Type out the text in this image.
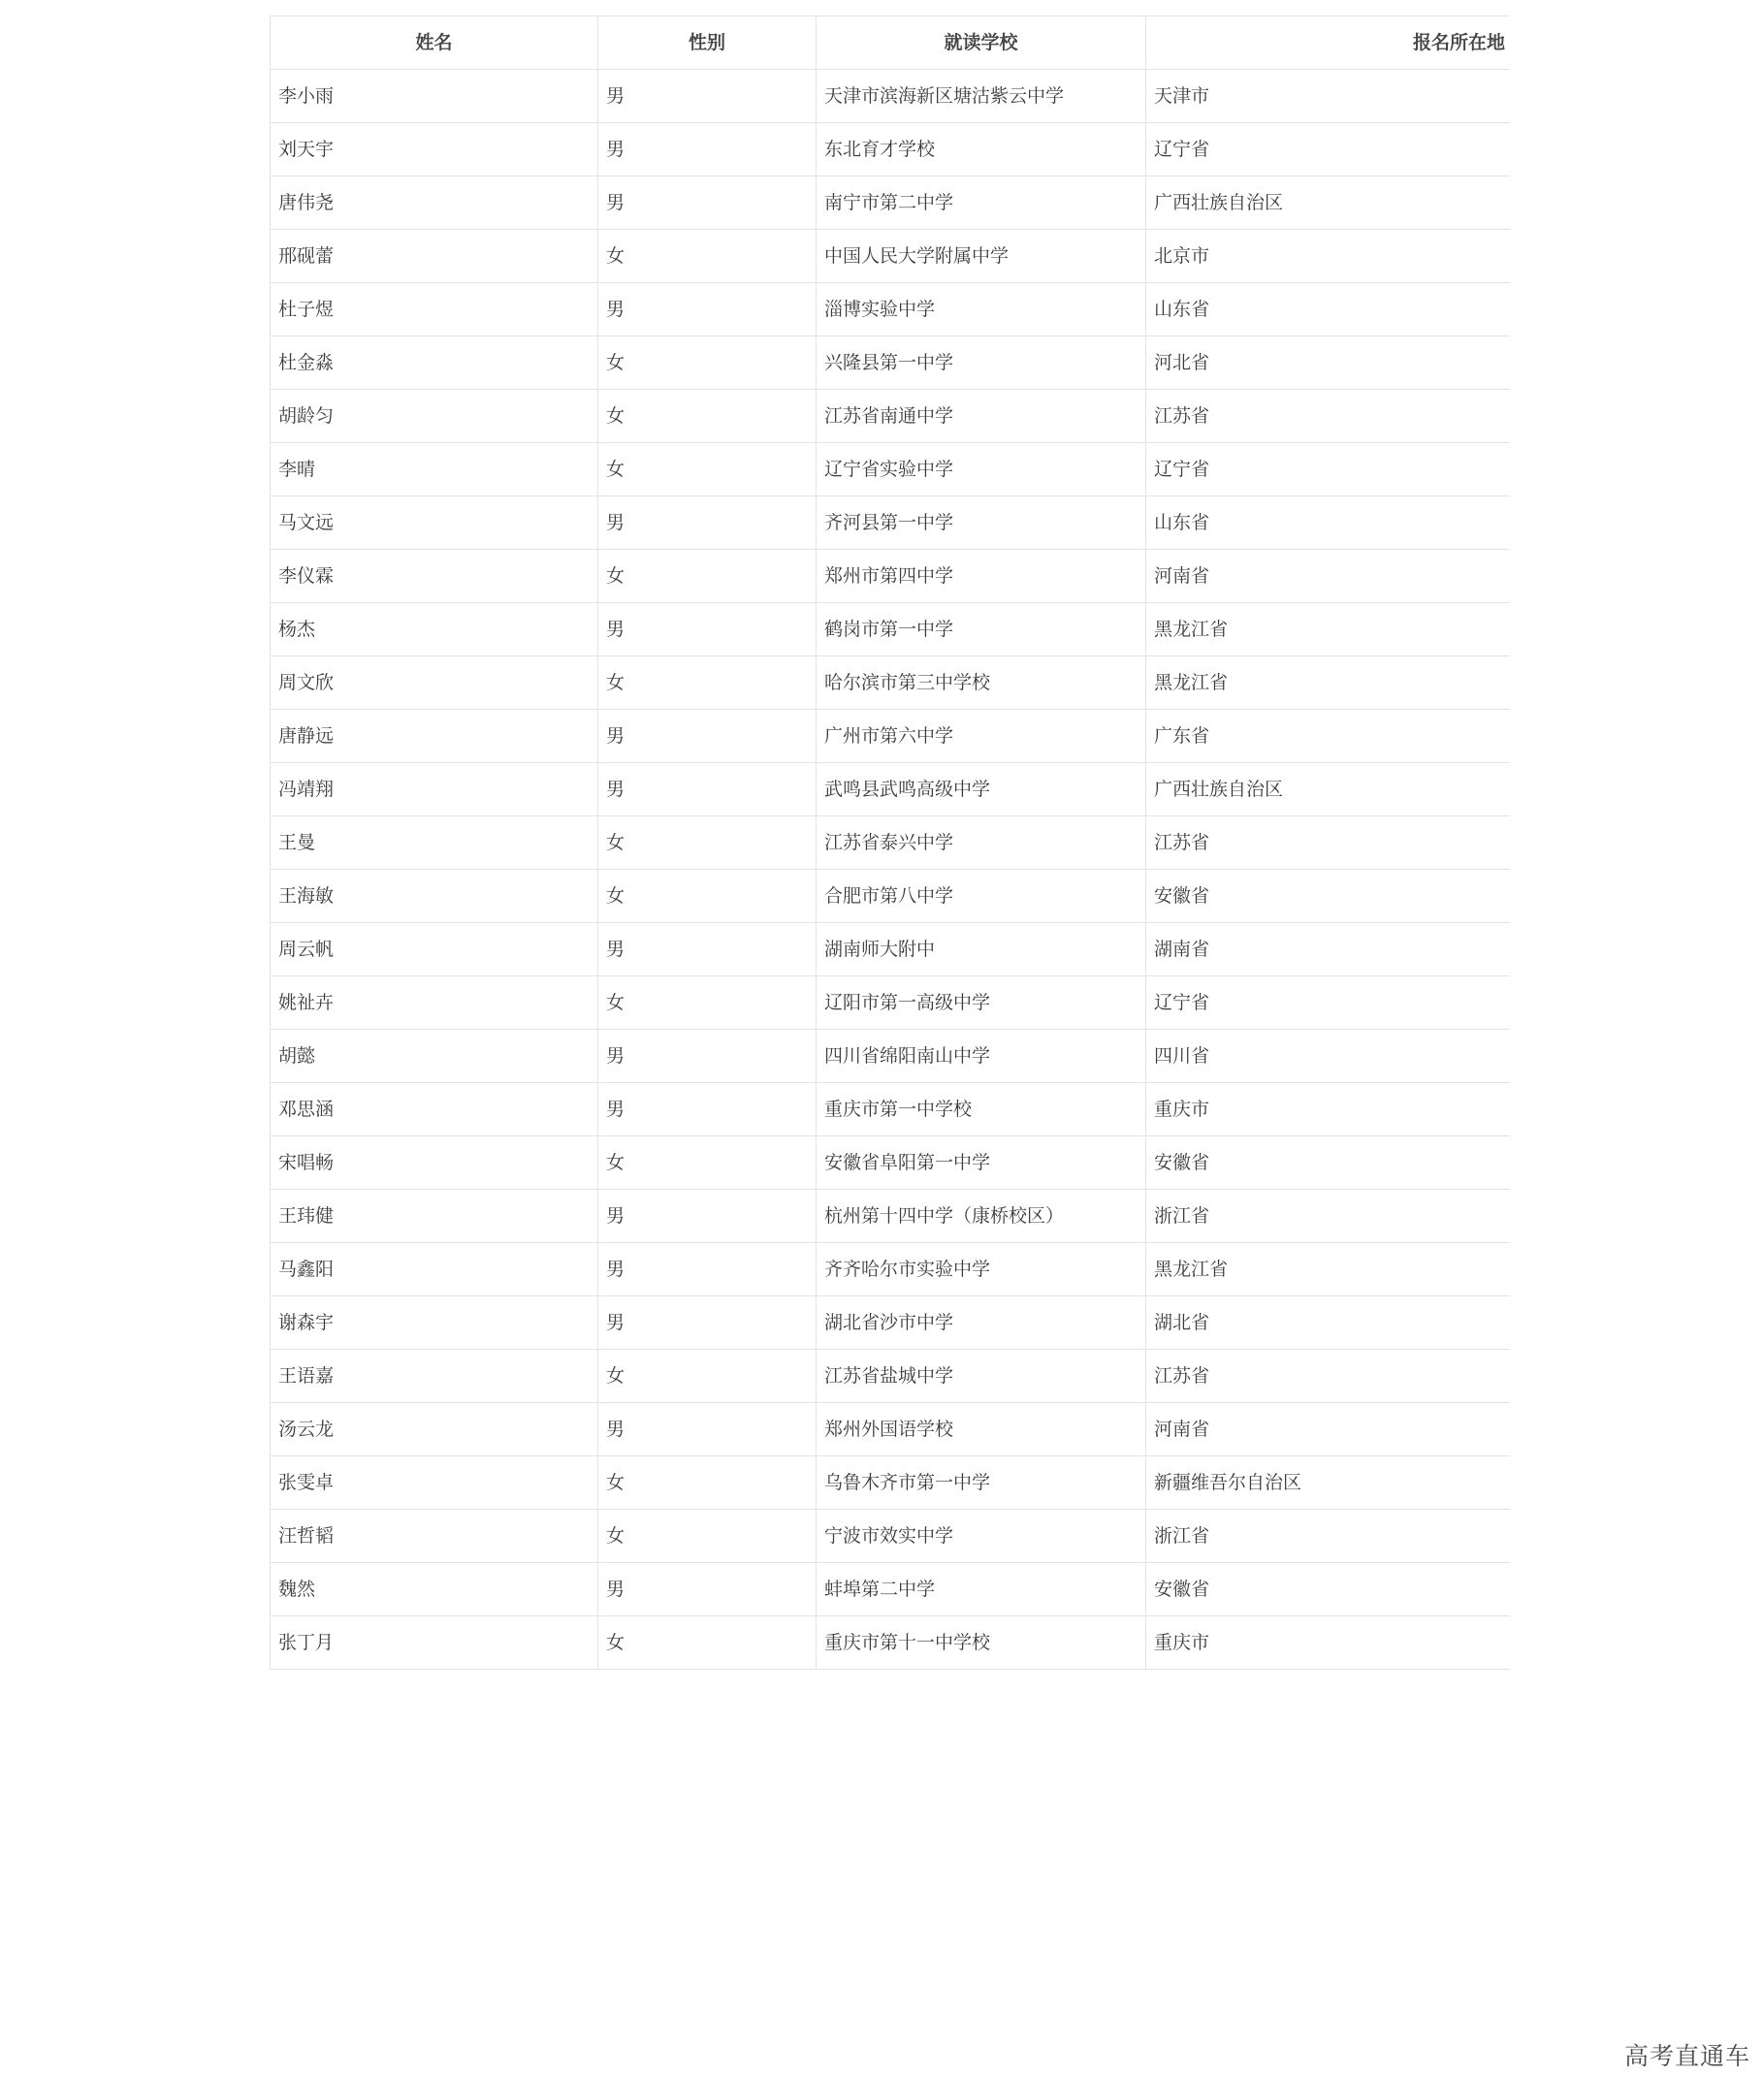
姓名	性别	就读学校	报名所在地
李小雨	男	天津市滨海新区塘沽紫云中学	天津市
刘天宇	男	东北育才学校	辽宁省
唐伟尧	男	南宁市第二中学	广西壮族自治区
邢砚蕾	女	中国人民大学附属中学	北京市
杜子煜	男	淄博实验中学	山东省
杜金淼	女	兴隆县第一中学	河北省
胡龄匀	女	江苏省南通中学	江苏省
李晴	女	辽宁省实验中学	辽宁省
马文远	男	齐河县第一中学	山东省
李仪霖	女	郑州市第四中学	河南省
杨杰	男	鹤岗市第一中学	黑龙江省
周文欣	女	哈尔滨市第三中学校	黑龙江省
唐静远	男	广州市第六中学	广东省
冯靖翔	男	武鸣县武鸣高级中学	广西壮族自治区
王曼	女	江苏省泰兴中学	江苏省
王海敏	女	合肥市第八中学	安徽省
周云帆	男	湖南师大附中	湖南省
姚祉卉	女	辽阳市第一高级中学	辽宁省
胡懿	男	四川省绵阳南山中学	四川省
邓思涵	男	重庆市第一中学校	重庆市
宋唱畅	女	安徽省阜阳第一中学	安徽省
王玮健	男	杭州第十四中学（康桥校区）	浙江省
马鑫阳	男	齐齐哈尔市实验中学	黑龙江省
谢森宇	男	湖北省沙市中学	湖北省
王语嘉	女	江苏省盐城中学	江苏省
汤云龙	男	郑州外国语学校	河南省
张雯卓	女	乌鲁木齐市第一中学	新疆维吾尔自治区
汪哲韬	女	宁波市效实中学	浙江省
魏然	男	蚌埠第二中学	安徽省
张丁月	女	重庆市第十一中学校	重庆市
高考直通车
